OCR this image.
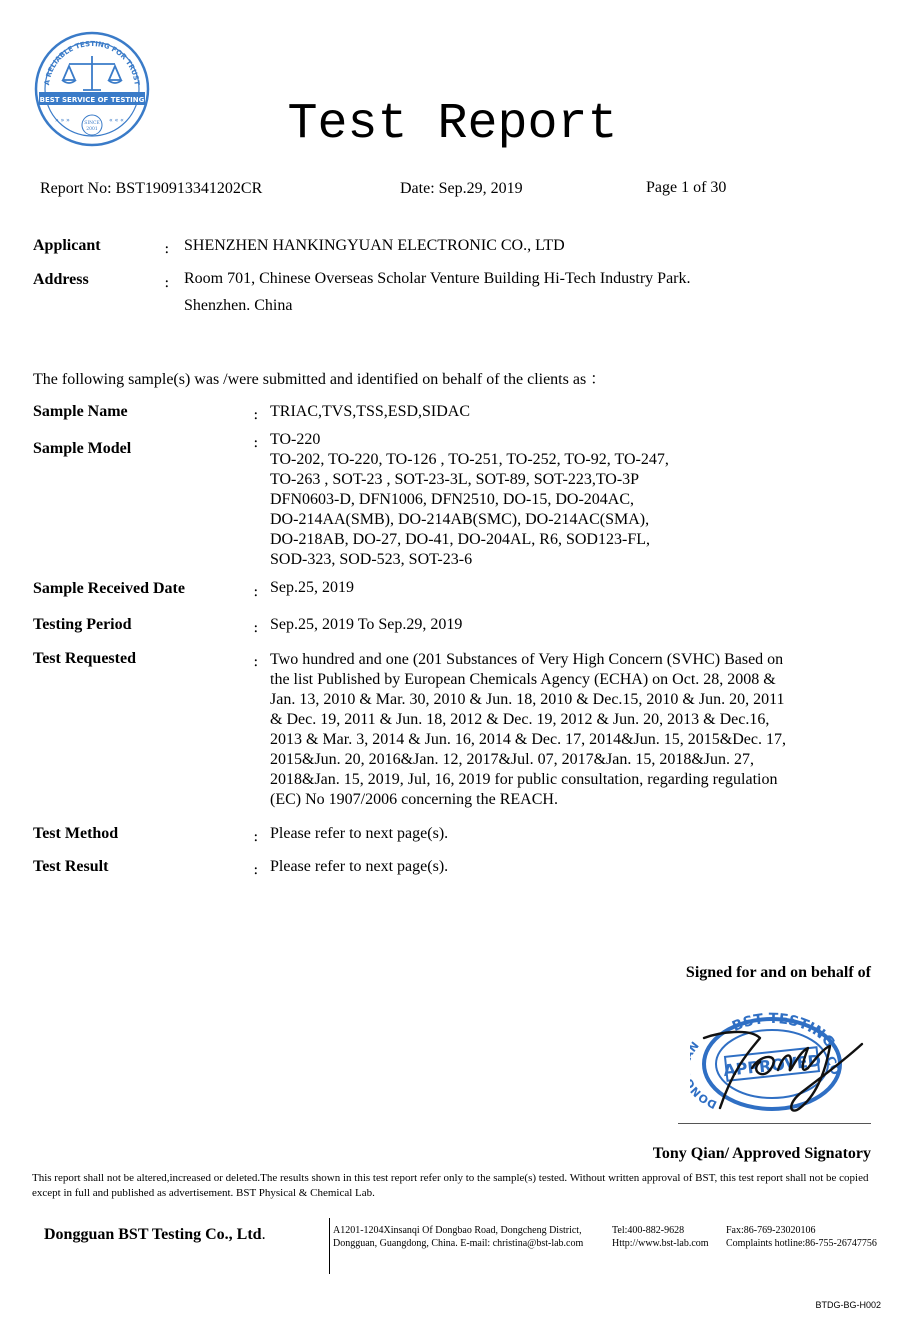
A RELIABLE TESTING FOR TRUST
BEST SERVICE OF TESTING
» » »	« « «
SINCE
2001	Test Report
Report No: BST190913341202CR	Date: Sep.29, 2019	Page 1 of 30
Applicant	： SHENZHEN HANKINGYUAN ELECTRONIC CO., LTD
Address	： Room 701, Chinese Overseas Scholar Venture Building Hi-Tech Industry Park.
Shenzhen. China
The following sample(s) was /were submitted and identified on behalf of the clients as ：
Sample Name	： TRIAC,TVS,TSS,ESD,SIDAC
Sample Model	： TO-220
TO-202, TO-220, TO-126 , TO-251, TO-252, TO-92, TO-247,
TO-263 , SOT-23 , SOT-23-3L, SOT-89, SOT-223,TO-3P
DFN0603-D, DFN1006, DFN2510, DO-15, DO-204AC,
DO-214AA(SMB), DO-214AB(SMC), DO-214AC(SMA),
DO-218AB, DO-27, DO-41, DO-204AL, R6, SOD123-FL,
SOD-323, SOD-523, SOT-23-6
Sample Received Date	： Sep.25, 2019
Testing Period	： Sep.25, 2019 To Sep.29, 2019
Test Requested	： Two hundred and one (201 Substances of Very High Concern (SVHC) Based on
the list Published by European Chemicals Agency (ECHA) on Oct. 28, 2008 &
Jan. 13, 2010 & Mar. 30, 2010 & Jun. 18, 2010 & Dec.15, 2010 & Jun. 20, 2011
& Dec. 19, 2011 & Jun. 18, 2012 & Dec. 19, 2012 & Jun. 20, 2013 & Dec.16,
2013 & Mar. 3, 2014 & Jun. 16, 2014 & Dec. 17, 2014&Jun. 15, 2015&Dec. 17,
2015&Jun. 20, 2016&Jan. 12, 2017&Jul. 07, 2017&Jan. 15, 2018&Jun. 27,
2018&Jan. 15, 2019, Jul, 16, 2019 for public consultation, regarding regulation
(EC) No 1907/2006 concerning the REACH.
Test Method	： Please refer to next page(s).
Test Result	： Please refer to next page(s).
Signed for and on behalf of
BST TESTING
DO
CO
APPROVED
Tony Qian/ Approved Signatory
This report shall not be altered,increased or deleted.The results shown in this test report refer only to the sample(s) tested. Without written approval of BST, this test report shall not be copied except in full and published as advertisement. BST Physical & Chemical Lab.
Dongguan BST Testing Co., Ltd.	A1201-1204Xinsanqi Of Dongbao Road, Dongcheng District,
Dongguan, Guangdong, China. E-mail: christina@bst-lab.com
Tel:400-882-9628
Http://www.bst-lab.com
Fax:86-769-23020106
Complaints hotline:86-755-26747756
BTDG-BG-H002
